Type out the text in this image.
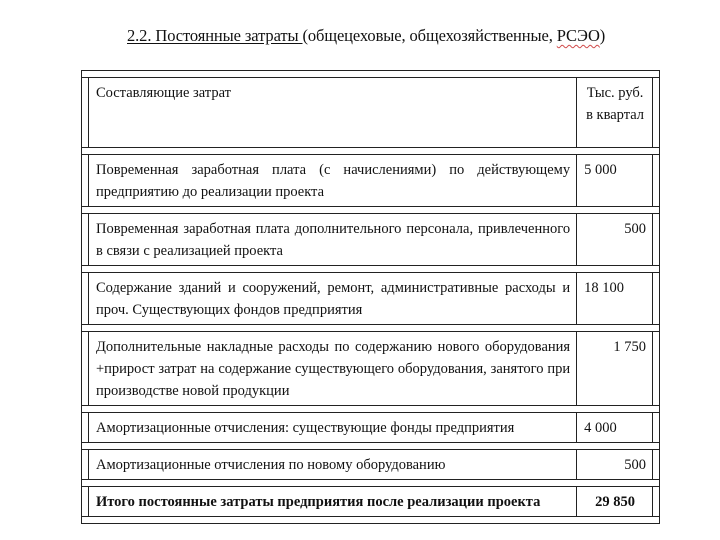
2.2. Постоянные затраты (общецеховые, общехозяйственные, РСЭО)

	Составляющие затрат	Тыс. руб. в квартал	

	Повременная заработная плата (с начислениями) по действующему предприятию до реализации проекта	5 000	

	Повременная заработная плата дополнительного персонала, привлеченного в связи с реализацией проекта	500	

	Содержание зданий и сооружений, ремонт, административные расходы и проч. Существующих фондов предприятия	18 100	

	Дополнительные накладные расходы по содержанию нового оборудования +прирост затрат на содержание существующего оборудования, занятого при производстве новой продукции	1 750	

	Амортизационные отчисления: существующие фонды предприятия	4 000	

	Амортизационные отчисления по новому оборудованию	500	

	Итого постоянные затраты предприятия после реализации проекта	29 850	
